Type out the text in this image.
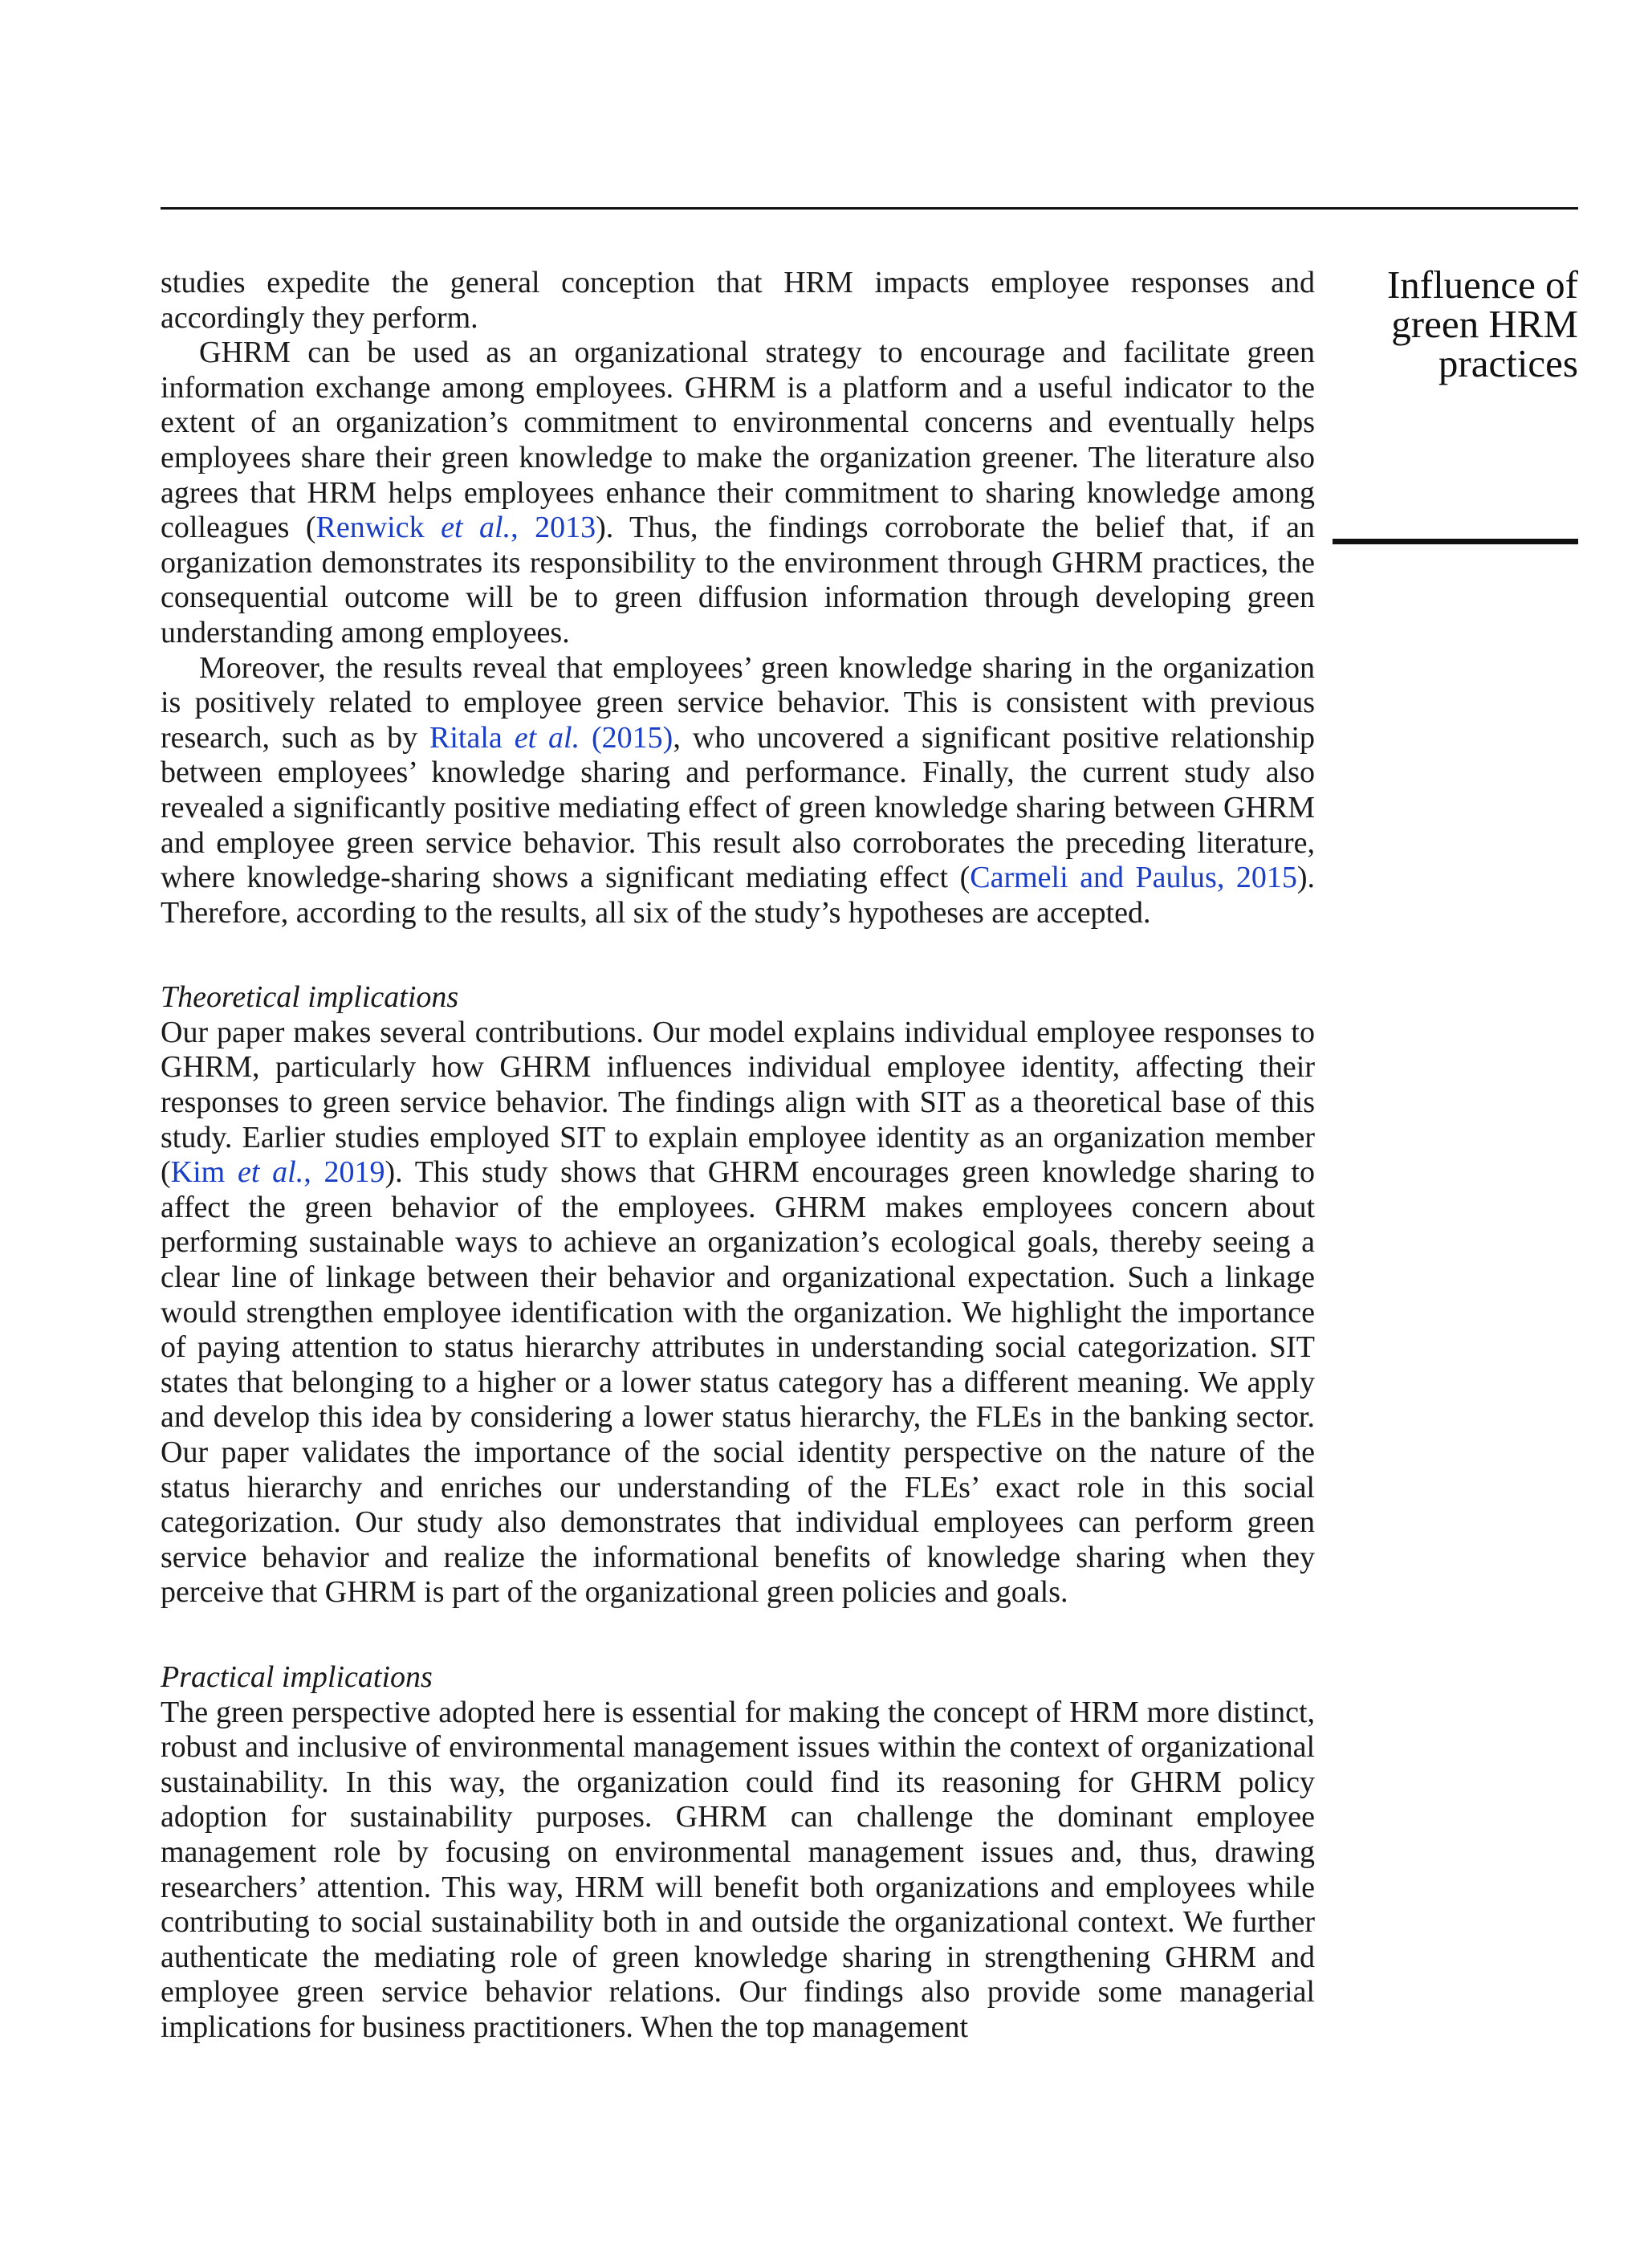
Influence of
green HRM
practices

studies expedite the general conception that HRM impacts employee responses and accordingly they perform.

GHRM can be used as an organizational strategy to encourage and facilitate green information exchange among employees. GHRM is a platform and a useful indicator to the extent of an organization’s commitment to environmental concerns and eventually helps employees share their green knowledge to make the organization greener. The literature also agrees that HRM helps employees enhance their commitment to sharing knowledge among colleagues (Renwick et al., 2013). Thus, the findings corroborate the belief that, if an organization demonstrates its responsibility to the environment through GHRM practices, the consequential outcome will be to green diffusion information through developing green understanding among employees.

Moreover, the results reveal that employees’ green knowledge sharing in the organization is positively related to employee green service behavior. This is consistent with previous research, such as by Ritala et al. (2015), who uncovered a significant positive relationship between employees’ knowledge sharing and performance. Finally, the current study also revealed a significantly positive mediating effect of green knowledge sharing between GHRM and employee green service behavior. This result also corroborates the preceding literature, where knowledge-sharing shows a significant mediating effect (Carmeli and Paulus, 2015). Therefore, according to the results, all six of the study’s hypotheses are accepted.

Theoretical implications

Our paper makes several contributions. Our model explains individual employee responses to GHRM, particularly how GHRM influences individual employee identity, affecting their responses to green service behavior. The findings align with SIT as a theoretical base of this study. Earlier studies employed SIT to explain employee identity as an organization member (Kim et al., 2019). This study shows that GHRM encourages green knowledge sharing to affect the green behavior of the employees. GHRM makes employees concern about performing sustainable ways to achieve an organization’s ecological goals, thereby seeing a clear line of linkage between their behavior and organizational expectation. Such a linkage would strengthen employee identification with the organization. We highlight the importance of paying attention to status hierarchy attributes in understanding social categorization. SIT states that belonging to a higher or a lower status category has a different meaning. We apply and develop this idea by considering a lower status hierarchy, the FLEs in the banking sector. Our paper validates the importance of the social identity perspective on the nature of the status hierarchy and enriches our understanding of the FLEs’ exact role in this social categorization. Our study also demonstrates that individual employees can perform green service behavior and realize the informational benefits of knowledge sharing when they perceive that GHRM is part of the organizational green policies and goals.

Practical implications

The green perspective adopted here is essential for making the concept of HRM more distinct, robust and inclusive of environmental management issues within the context of organizational sustainability. In this way, the organization could find its reasoning for GHRM policy adoption for sustainability purposes. GHRM can challenge the dominant employee management role by focusing on environmental management issues and, thus, drawing researchers’ attention. This way, HRM will benefit both organizations and employees while contributing to social sustainability both in and outside the organizational context. We further authenticate the mediating role of green knowledge sharing in strengthening GHRM and employee green service behavior relations. Our findings also provide some managerial implications for business practitioners. When the top management
